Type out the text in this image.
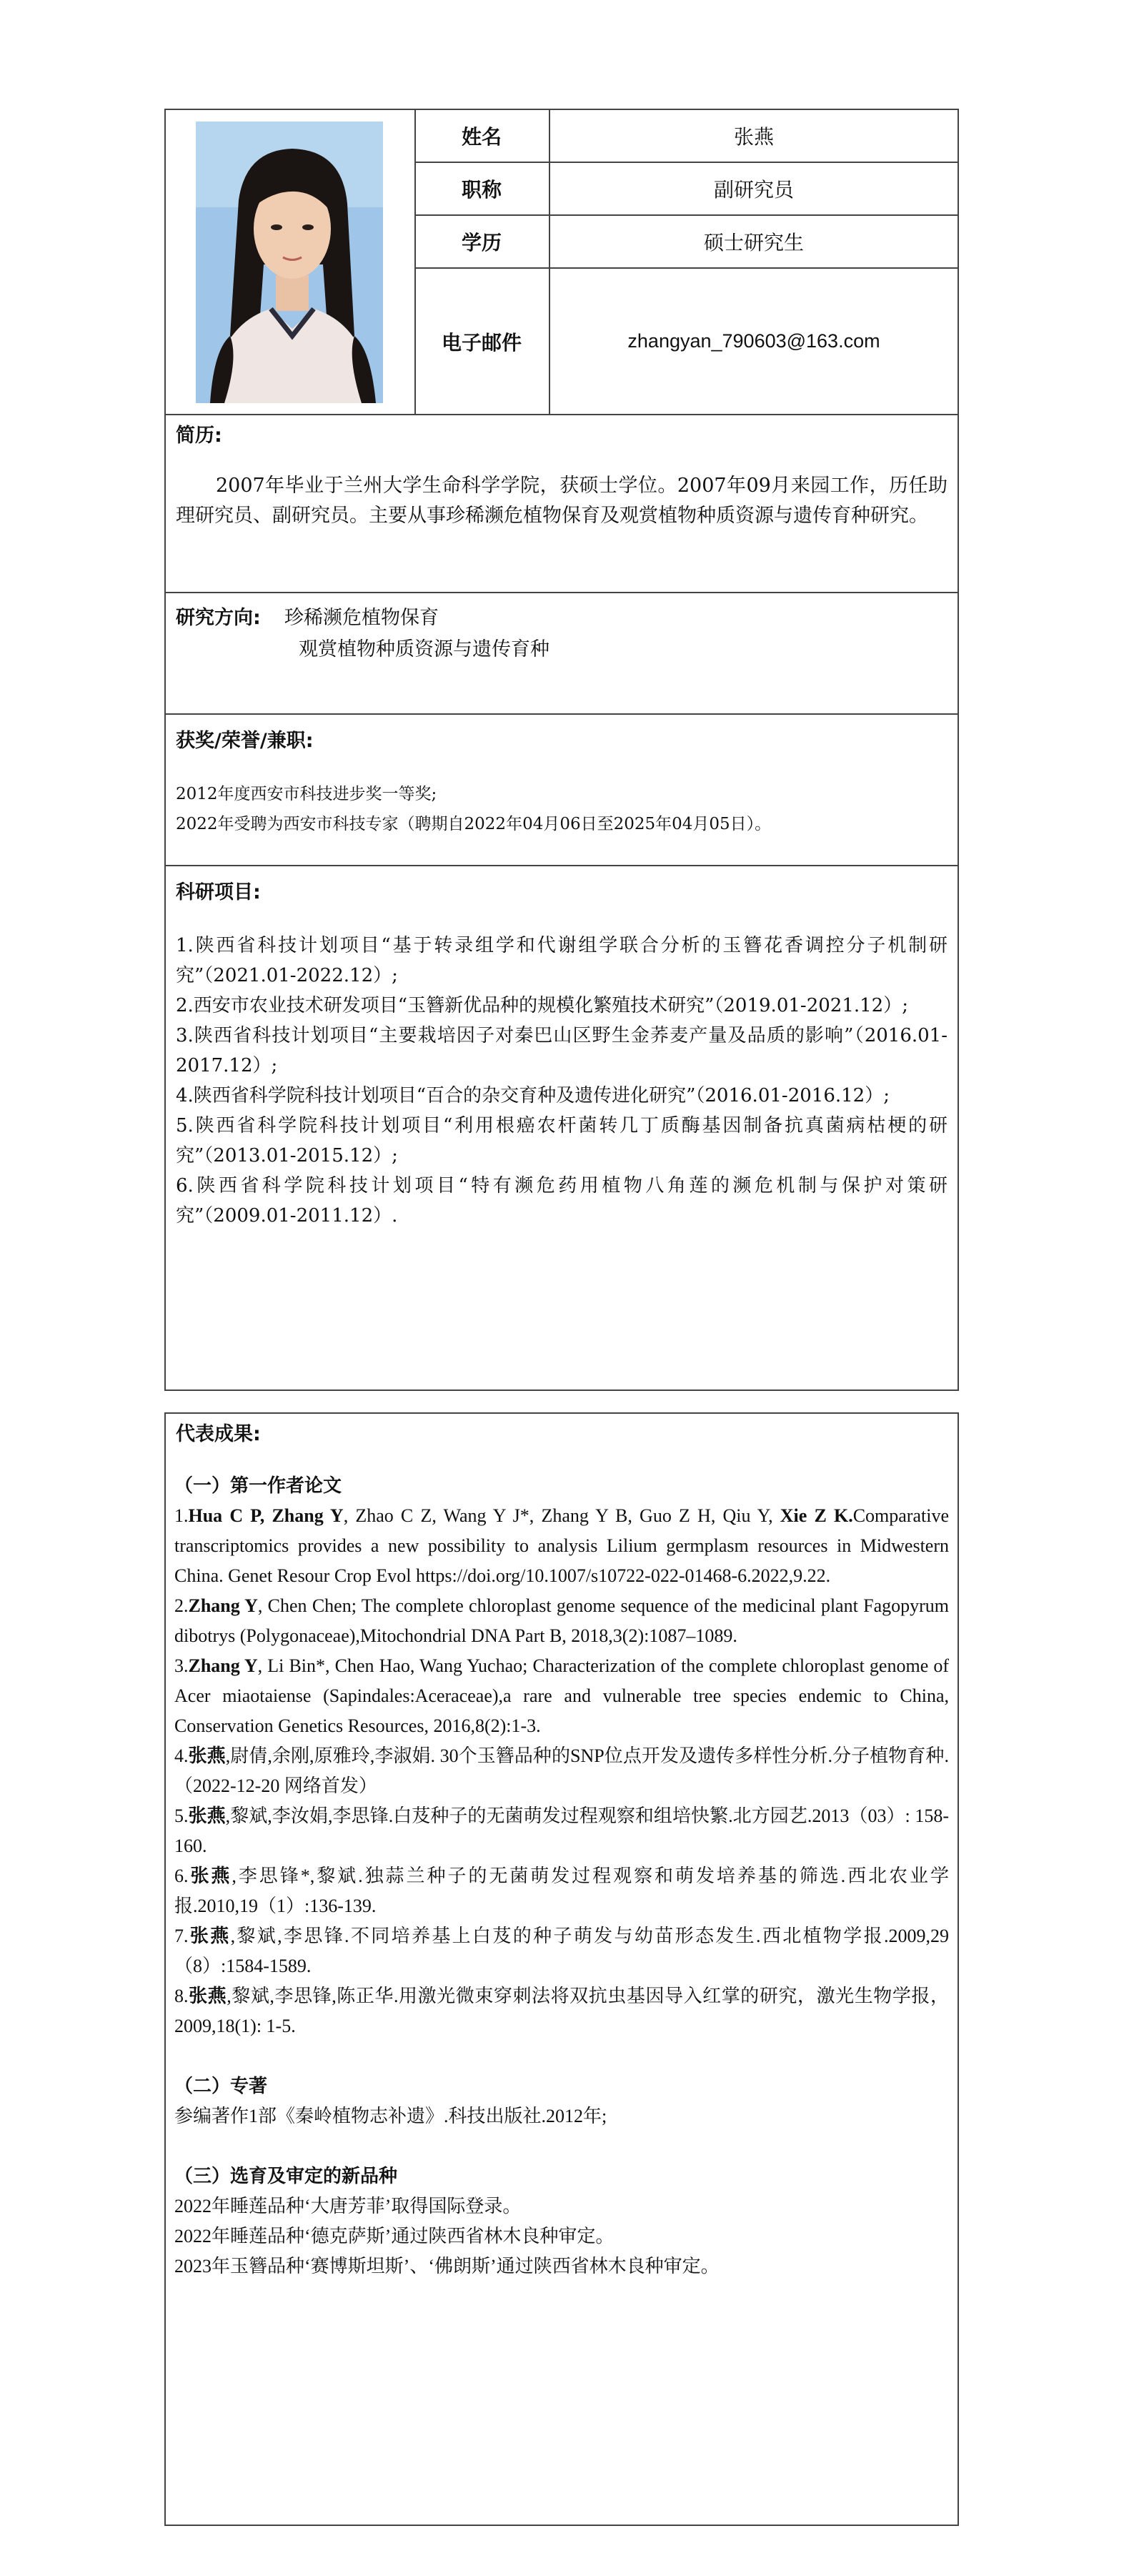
姓名	张燕
职称	副研究员
学历	硕士研究生
电子邮件	zhangyan_790603@163.com
简历:
2007年毕业于兰州大学生命科学学院，获硕士学位。2007年09月来园工作，历任助理研究员、副研究员。主要从事珍稀濒危植物保育及观赏植物种质资源与遗传育种研究。
研究方向: 珍稀濒危植物保育
观赏植物种质资源与遗传育种
获奖/荣誉/兼职:
2012年度西安市科技进步奖一等奖;
2022年受聘为西安市科技专家（聘期自2022年04月06日至2025年04月05日）。
科研项目:
1.陕西省科技计划项目“基于转录组学和代谢组学联合分析的玉簪花香调控分子机制研究”（2021.01-2022.12）;
2.西安市农业技术研发项目“玉簪新优品种的规模化繁殖技术研究”（2019.01-2021.12）;
3.陕西省科技计划项目“主要栽培因子对秦巴山区野生金荞麦产量及品质的影响”（2016.01-2017.12）;
4.陕西省科学院科技计划项目“百合的杂交育种及遗传进化研究”（2016.01-2016.12）;
5.陕西省科学院科技计划项目“利用根癌农杆菌转几丁质酶基因制备抗真菌病枯梗的研究”（2013.01-2015.12）;
6.陕西省科学院科技计划项目“特有濒危药用植物八角莲的濒危机制与保护对策研究”（2009.01-2011.12）.
代表成果:
（一）第一作者论文
1.Hua C P, Zhang Y, Zhao C Z, Wang Y J*, Zhang Y B, Guo Z H, Qiu Y, Xie Z K.Comparative transcriptomics provides a new possibility to analysis Lilium germplasm resources in Midwestern China. Genet Resour Crop Evol https://doi.org/10.1007/s10722-022-01468-6.2022,9.22.
2.Zhang Y, Chen Chen; The complete chloroplast genome sequence of the medicinal plant Fagopyrum dibotrys (Polygonaceae),Mitochondrial DNA Part B, 2018,3(2):1087–1089.
3.Zhang Y, Li Bin*, Chen Hao, Wang Yuchao; Characterization of the complete chloroplast genome of Acer miaotaiense (Sapindales:Aceraceae),a rare and vulnerable tree species endemic to China, Conservation Genetics Resources, 2016,8(2):1-3.
4.张燕,尉倩,余刚,原雅玲,李淑娟. 30个玉簪品种的SNP位点开发及遗传多样性分析.分子植物育种.（2022-12-20 网络首发）
5.张燕,黎斌,李汝娟,李思锋.白芨种子的无菌萌发过程观察和组培快繁.北方园艺.2013（03）: 158-160.
6.张燕,李思锋*,黎斌.独蒜兰种子的无菌萌发过程观察和萌发培养基的筛选.西北农业学报.2010,19（1）:136-139.
7.张燕,黎斌,李思锋.不同培养基上白芨的种子萌发与幼苗形态发生.西北植物学报.2009,29（8）:1584-1589.
8.张燕,黎斌,李思锋,陈正华.用激光微束穿刺法将双抗虫基因导入红掌的研究，激光生物学报，2009,18(1): 1-5.
（二）专著
参编著作1部《秦岭植物志补遗》.科技出版社.2012年;
（三）选育及审定的新品种
2022年睡莲品种‘大唐芳菲’取得国际登录。
2022年睡莲品种‘德克萨斯’通过陕西省林木良种审定。
2023年玉簪品种‘赛博斯坦斯’、‘佛朗斯’通过陕西省林木良种审定。
